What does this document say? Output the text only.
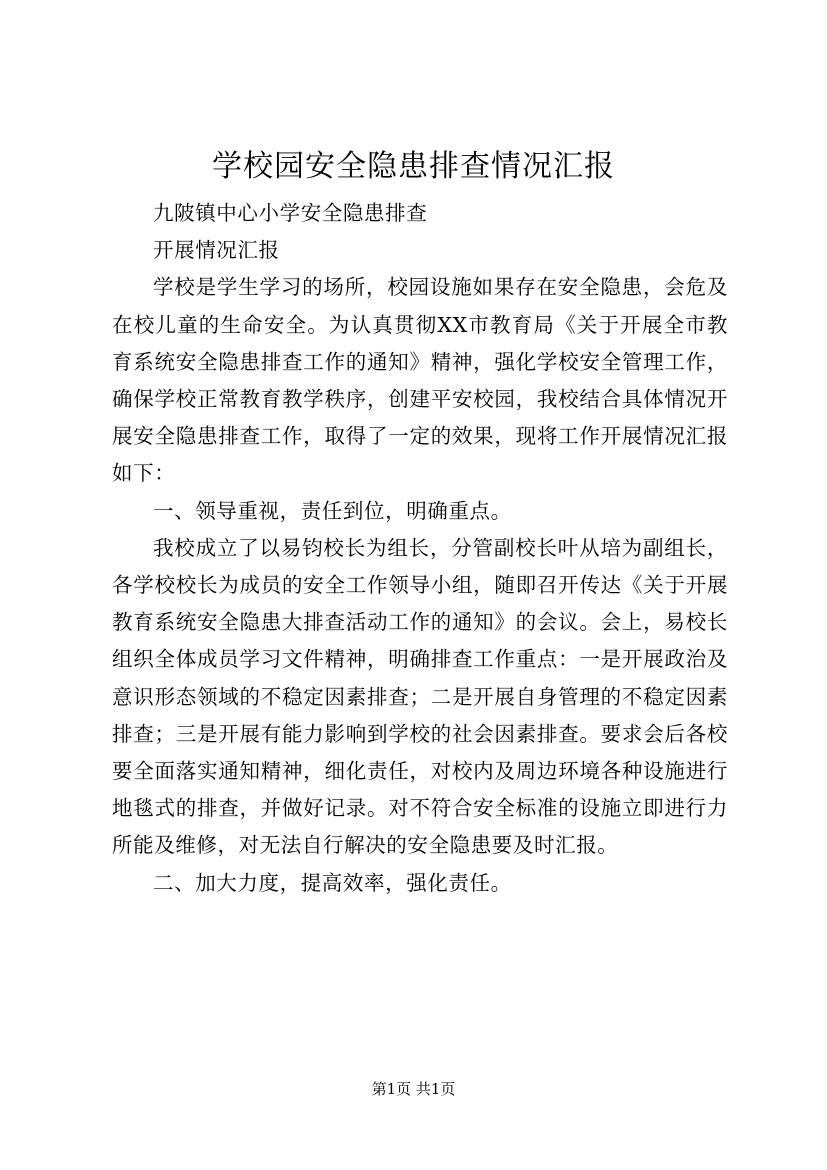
学校园安全隐患排查情况汇报

九陂镇中心小学安全隐患排查

开展情况汇报

学校是学生学习的场所，校园设施如果存在安全隐患，会危及在校儿童的生命安全。为认真贯彻XX市教育局《关于开展全市教育系统安全隐患排查工作的通知》精神，强化学校安全管理工作，确保学校正常教育教学秩序，创建平安校园，我校结合具体情况开展安全隐患排查工作，取得了一定的效果，现将工作开展情况汇报如下：

一、领导重视，责任到位，明确重点。

我校成立了以易钧校长为组长，分管副校长叶从培为副组长，各学校校长为成员的安全工作领导小组，随即召开传达《关于开展教育系统安全隐患大排查活动工作的通知》的会议。会上，易校长组织全体成员学习文件精神，明确排查工作重点：一是开展政治及意识形态领域的不稳定因素排查；二是开展自身管理的不稳定因素排查；三是开展有能力影响到学校的社会因素排查。要求会后各校要全面落实通知精神，细化责任，对校内及周边环境各种设施进行地毯式的排查，并做好记录。对不符合安全标准的设施立即进行力所能及维修，对无法自行解决的安全隐患要及时汇报。

二、加大力度，提高效率，强化责任。

第1页 共1页
